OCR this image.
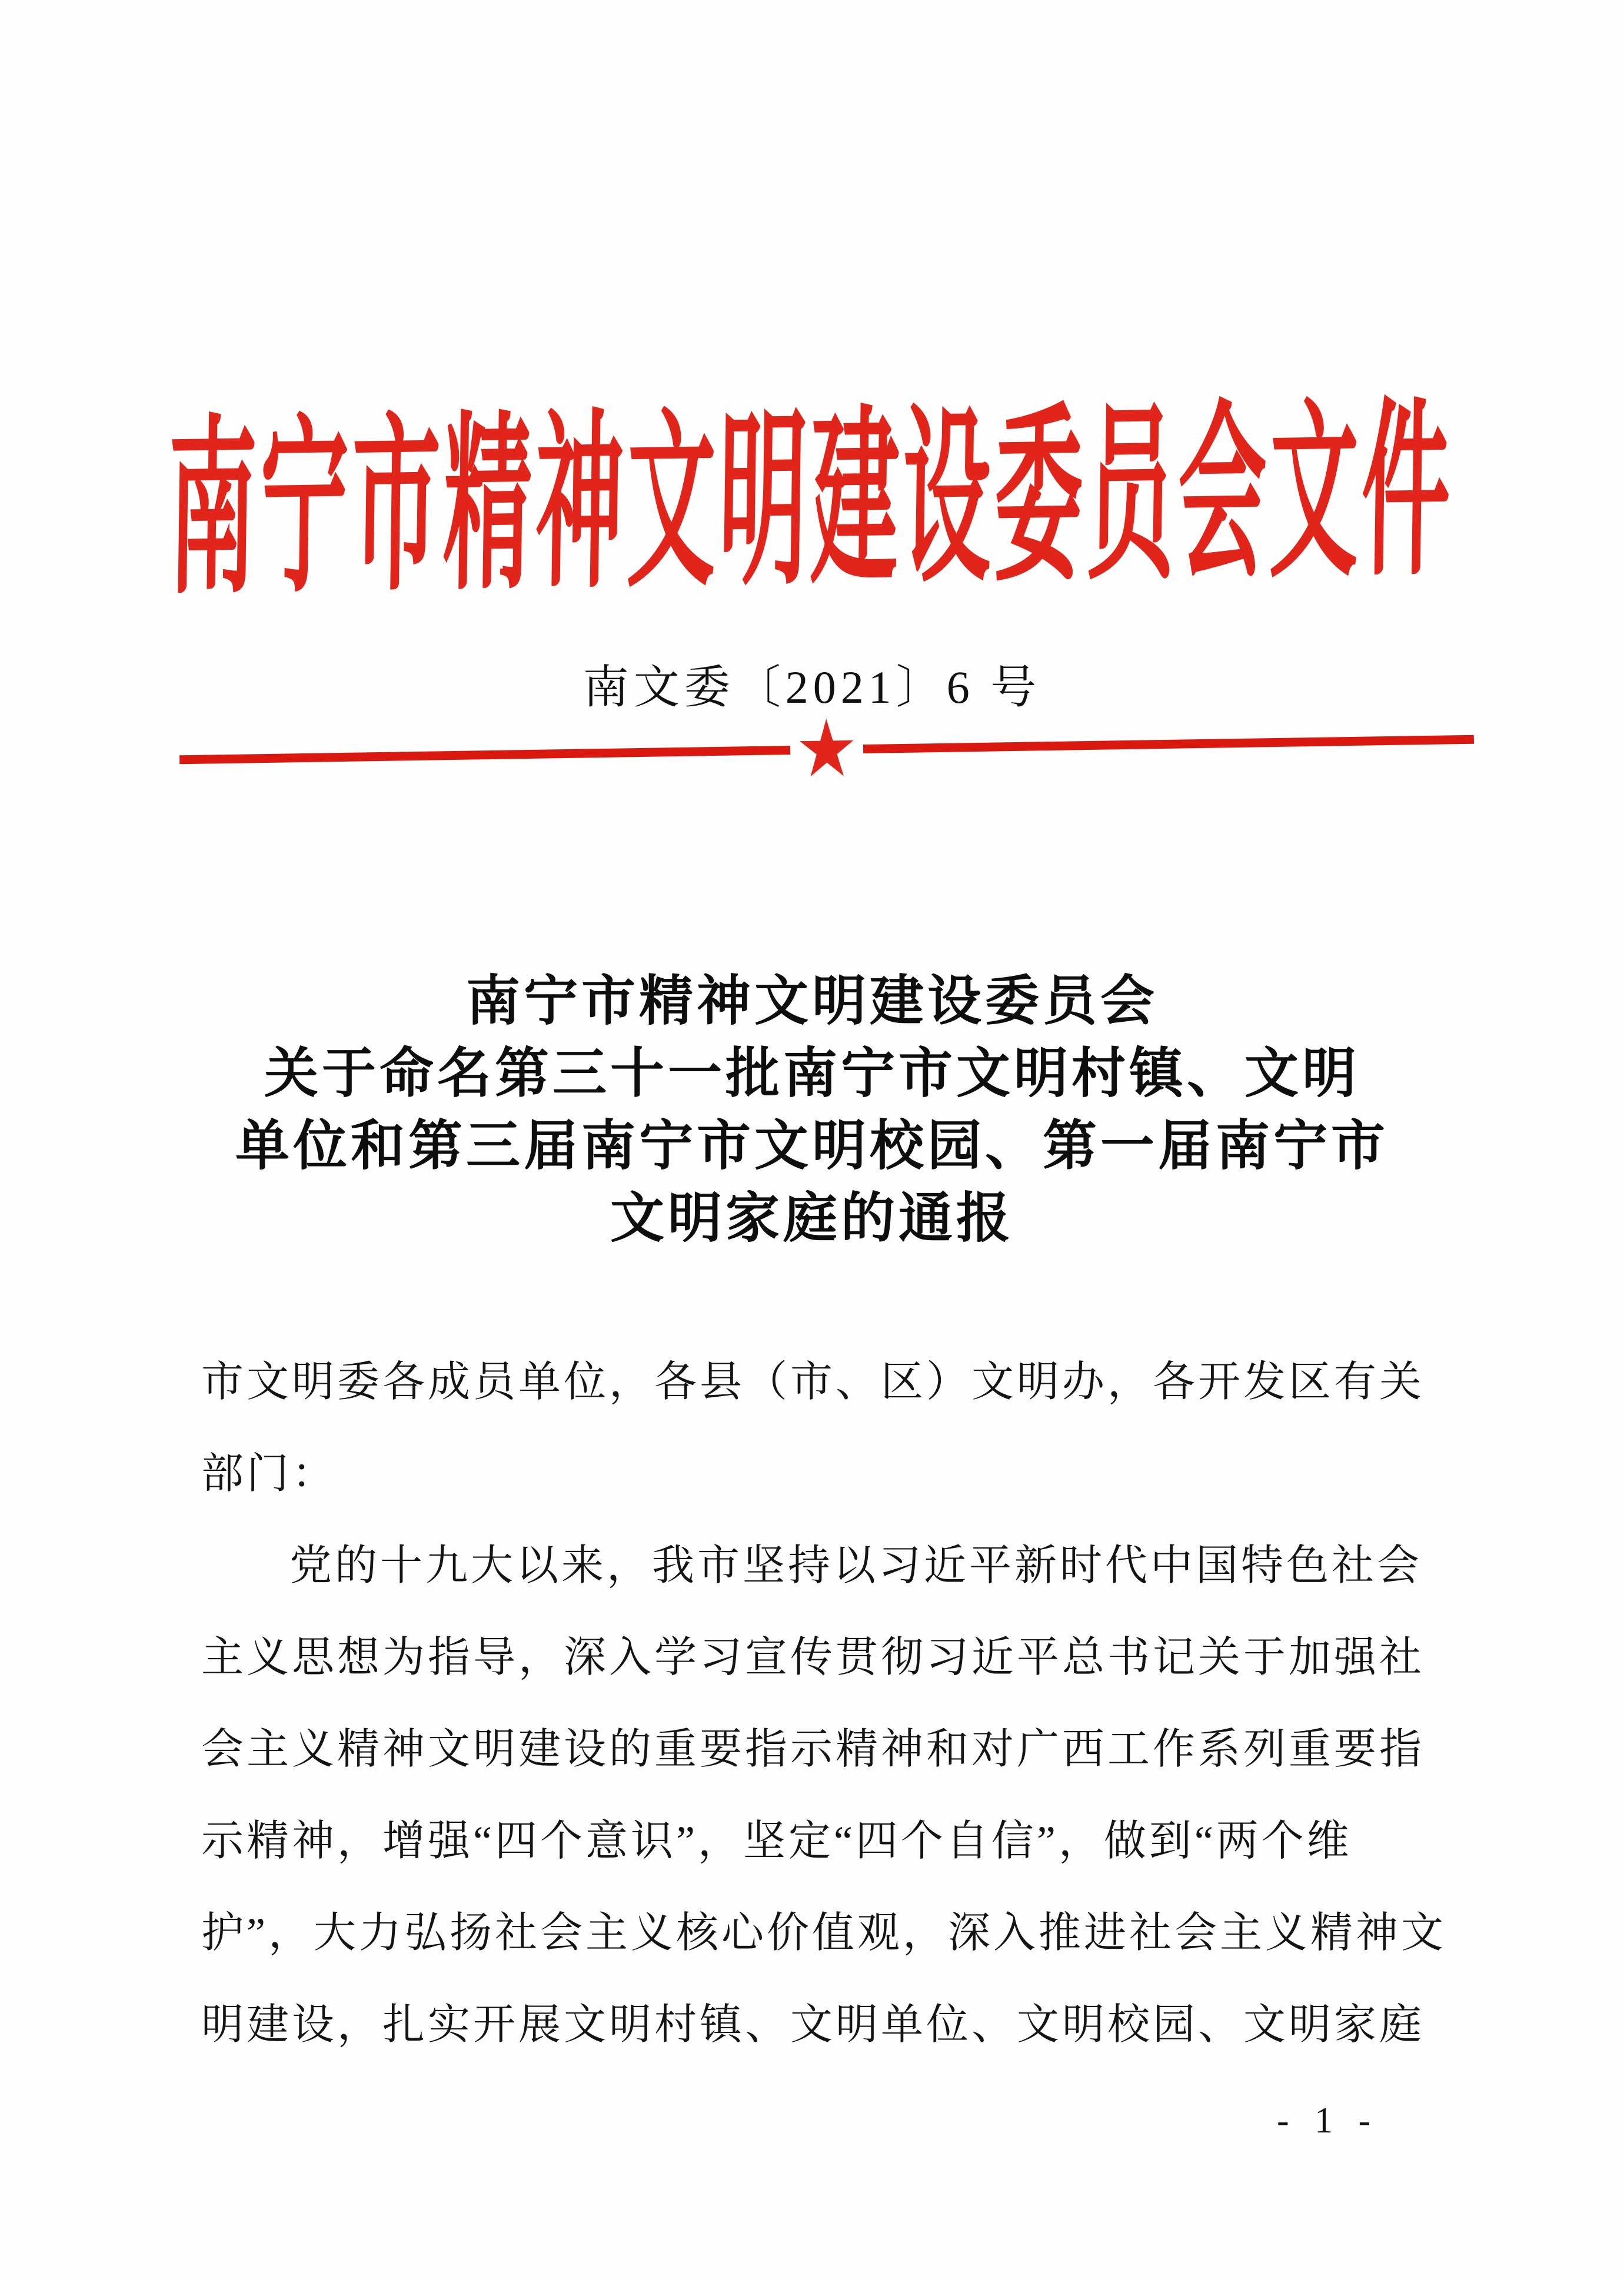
南宁市精神文明建设委员会文件
南文委〔2021〕6 号
南宁市精神文明建设委员会
关于命名第三十一批南宁市文明村镇、文明
单位和第三届南宁市文明校园、第一届南宁市
文明家庭的通报
市文明委各成员单位，各县（市、区）文明办，各开发区有关
部门：
党的十九大以来，我市坚持以习近平新时代中国特色社会
主义思想为指导，深入学习宣传贯彻习近平总书记关于加强社
会主义精神文明建设的重要指示精神和对广西工作系列重要指
示精神，增强“四个意识”，坚定“四个自信”，做到“两个维
护”，大力弘扬社会主义核心价值观，深入推进社会主义精神文
明建设，扎实开展文明村镇、文明单位、文明校园、文明家庭
- 1 -
